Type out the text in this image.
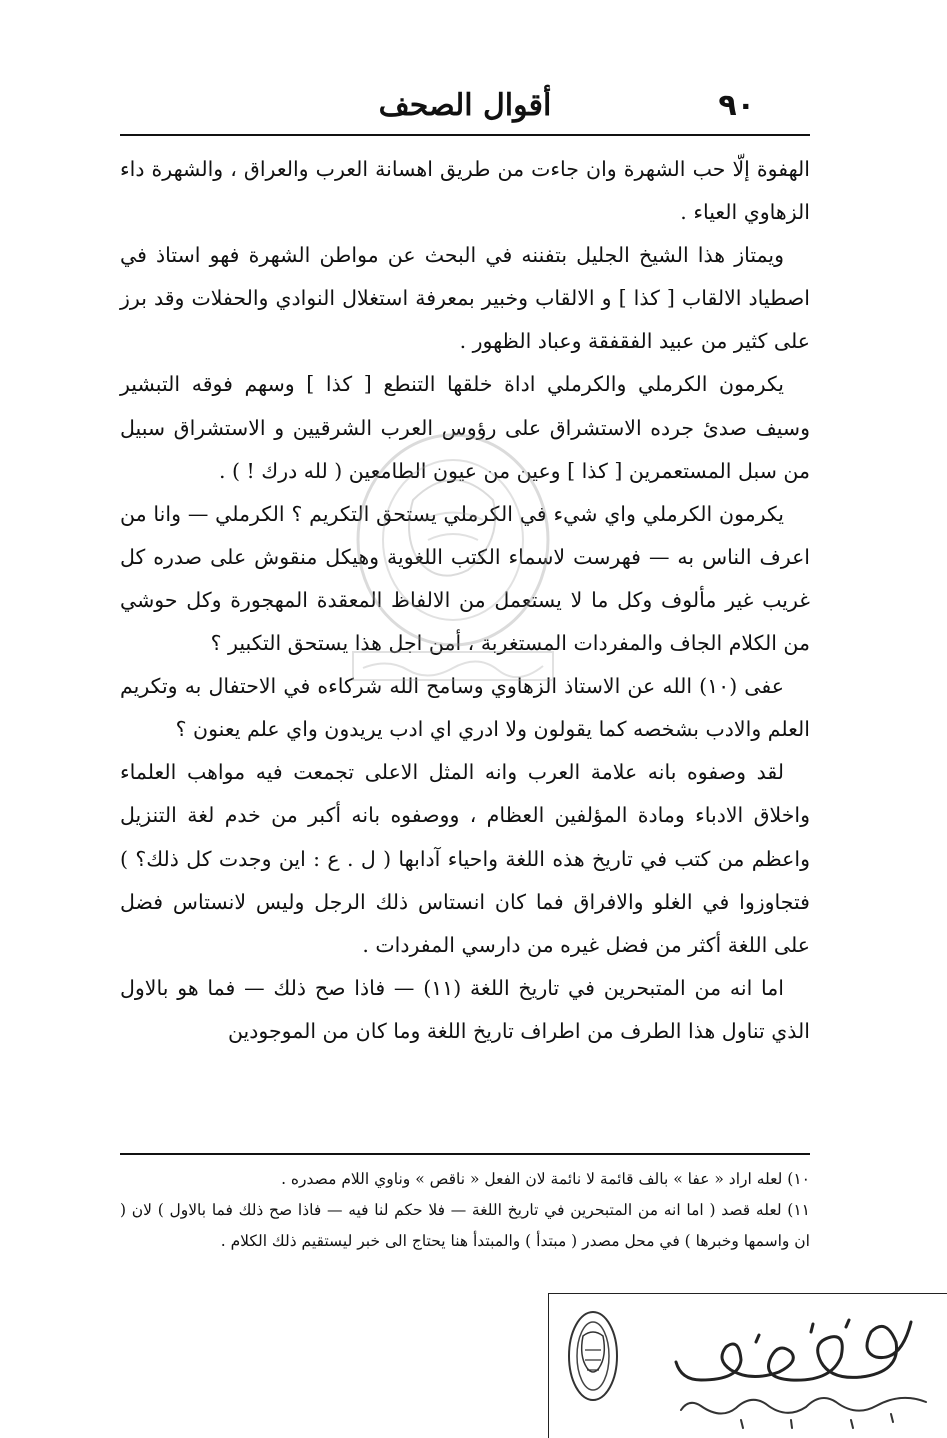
٩٠
أقوال الصحف

الهفوة إلّا حب الشهرة وان جاءت من طريق اهسانة العرب والعراق ، والشهرة داء الزهاوي العياء .

ويمتاز هذا الشيخ الجليل بتفننه في البحث عن مواطن الشهرة فهو استاذ في اصطياد الالقاب [ كذا ] و الالقاب وخبير بمعرفة استغلال النوادي والحفلات وقد برز على كثير من عبيد الفقفقة وعباد الظهور .

يكرمون الكرملي والكرملي اداة خلقها التنطع [ كذا ] وسهم فوقه التبشير وسيف صدئ جرده الاستشراق على رؤوس العرب الشرقيين و الاستشراق سبيل من سبل المستعمرين [ كذا ] وعين من عيون الطامعين ( لله درك ! ) .

يكرمون الكرملي واي شيء في الكرملي يستحق التكريم ؟ الكرملي — وانا من اعرف الناس به — فهرست لاسماء الكتب اللغوية وهيكل منقوش على صدره كل غريب غير مألوف وكل ما لا يستعمل من الالفاظ المعقدة المهجورة وكل حوشي من الكلام الجاف والمفردات المستغربة ، أمن اجل هذا يستحق التكبير ؟

عفى (١٠) الله عن الاستاذ الزهاوي وسامح الله شركاءه في الاحتفال به وتكريم العلم والادب بشخصه كما يقولون ولا ادري اي ادب يريدون واي علم يعنون ؟

لقد وصفوه بانه علامة العرب وانه المثل الاعلى تجمعت فيه مواهب العلماء واخلاق الادباء ومادة المؤلفين العظام ، ووصفوه بانه أكبر من خدم لغة التنزيل واعظم من كتب في تاريخ هذه اللغة واحياء آدابها ( ل . ع : اين وجدت كل ذلك؟ ) فتجاوزوا في الغلو والافراق فما كان انستاس ذلك الرجل وليس لانستاس فضل على اللغة أكثر من فضل غيره من دارسي المفردات .

اما انه من المتبحرين في تاريخ اللغة (١١) — فاذا صح ذلك — فما هو بالاول الذي تناول هذا الطرف من اطراف تاريخ اللغة وما كان من الموجودين

١٠) لعله اراد « عفا » بالف قائمة لا نائمة لان الفعل « ناقص » وناوي اللام مصدره .

١١) لعله قصد ( اما انه من المتبحرين في تاريخ اللغة — فلا حكم لنا فيه — فاذا صح ذلك فما بالاول ) لان ( ان واسمها وخبرها ) في محل مصدر ( مبتدأ ) والمبتدأ هنا يحتاج الى خبر ليستقيم ذلك الكلام .
